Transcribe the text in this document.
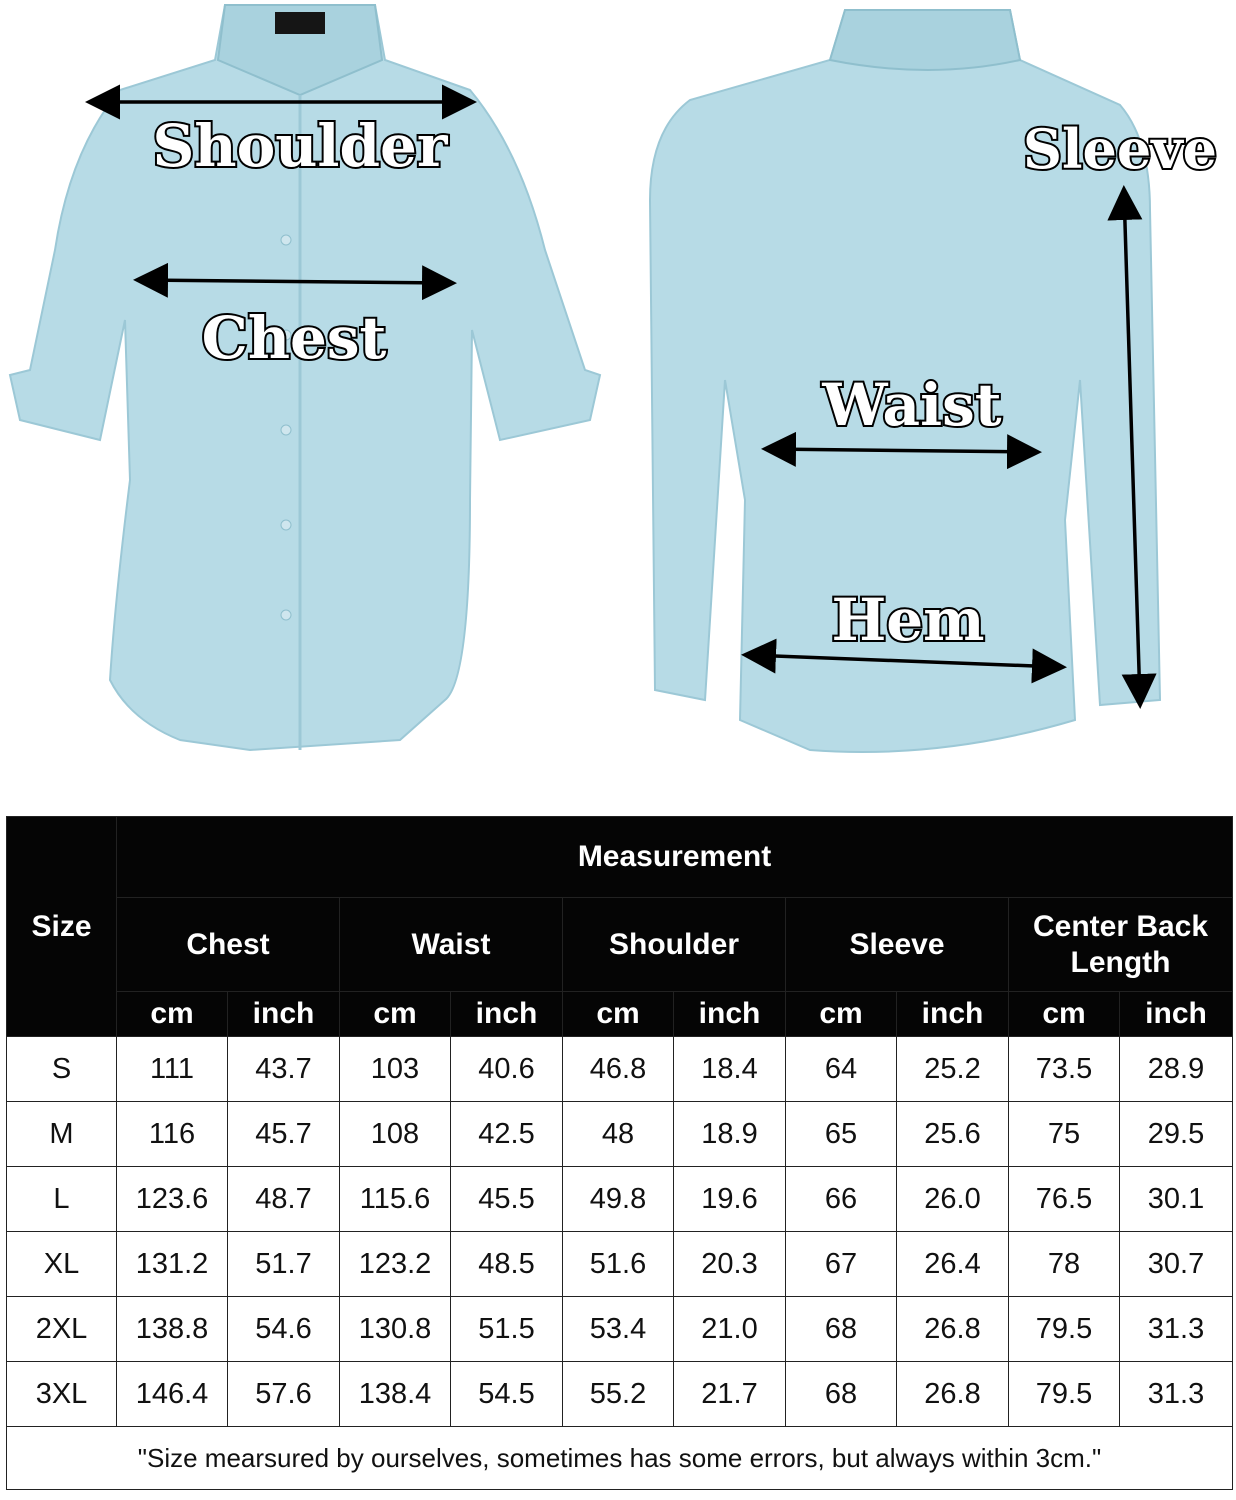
Shoulder
Chest
Waist
Hem
Sleeve
Size	Measurement									
	Chest		Waist		Shoulder		Sleeve		Center Back Length	
	cm	inch	cm	inch	cm	inch	cm	inch	cm	inch
S	111	43.7	103	40.6	46.8	18.4	64	25.2	73.5	28.9
M	116	45.7	108	42.5	48	18.9	65	25.6	75	29.5
L	123.6	48.7	115.6	45.5	49.8	19.6	66	26.0	76.5	30.1
XL	131.2	51.7	123.2	48.5	51.6	20.3	67	26.4	78	30.7
2XL	138.8	54.6	130.8	51.5	53.4	21.0	68	26.8	79.5	31.3
3XL	146.4	57.6	138.4	54.5	55.2	21.7	68	26.8	79.5	31.3
"Size mearsured by ourselves, sometimes has some errors, but always within 3cm."										
